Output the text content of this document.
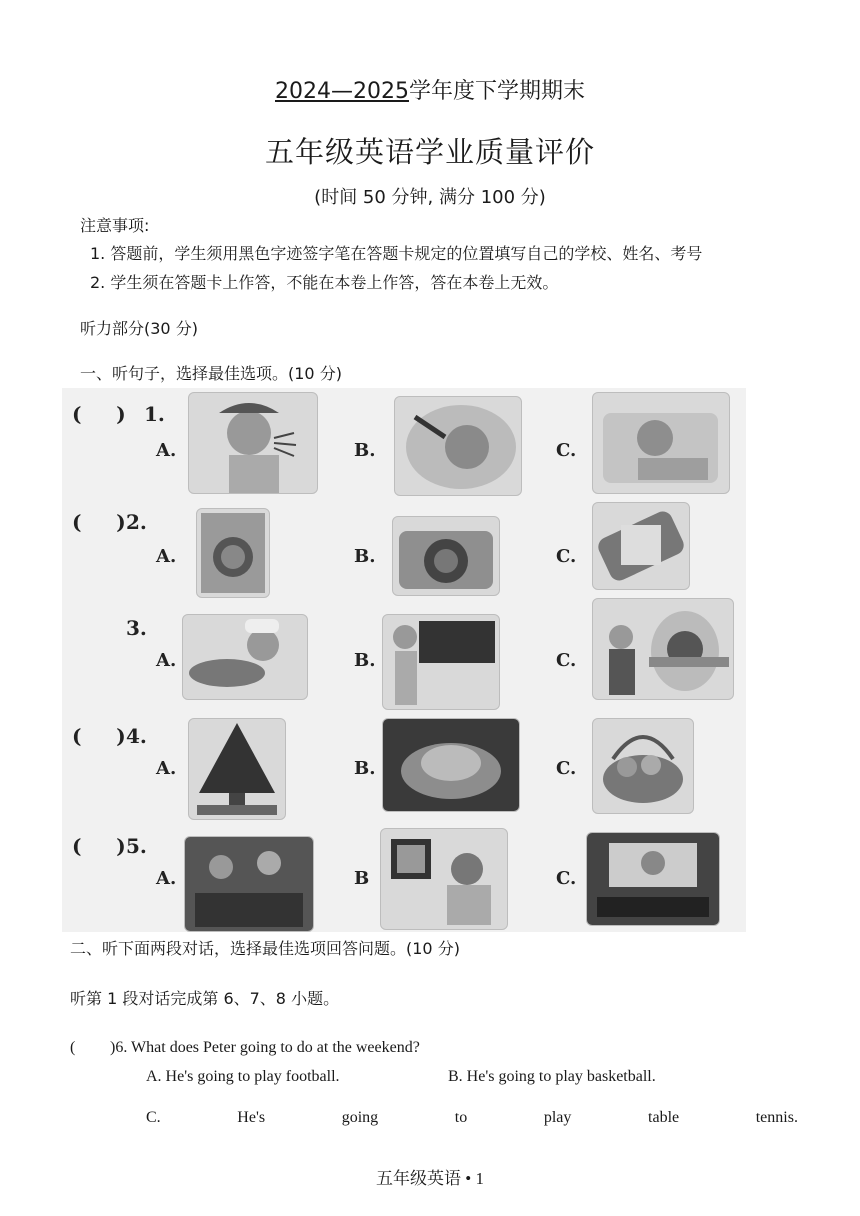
2024—2025学年度下学期期末
五年级英语学业质量评价
(时间 50 分钟, 满分 100 分)
注意事项:
1. 答题前，学生须用黑色字迹签字笔在答题卡规定的位置填写自己的学校、姓名、考号
2. 学生须在答题卡上作答，不能在本卷上作答，答在本卷上无效。
听力部分(30 分)
一、听句子，选择最佳选项。(10 分)
(     ) 1.
A.	B.	C.
(     ) 2.
A.	B.	C.
3.
A.	B.	C.
(     ) 4.
A.	B.	C.
(     ) 5.
A.	B	C.
二、听下面两段对话，选择最佳选项回答问题。(10 分)
听第 1 段对话完成第 6、7、8 小题。
( )6. What does Peter going to do at the weekend?
A. He's going to play football.	B. He's going to play basketball.
C.	He's	going	to	play	table	tennis.
五年级英语 • 1
